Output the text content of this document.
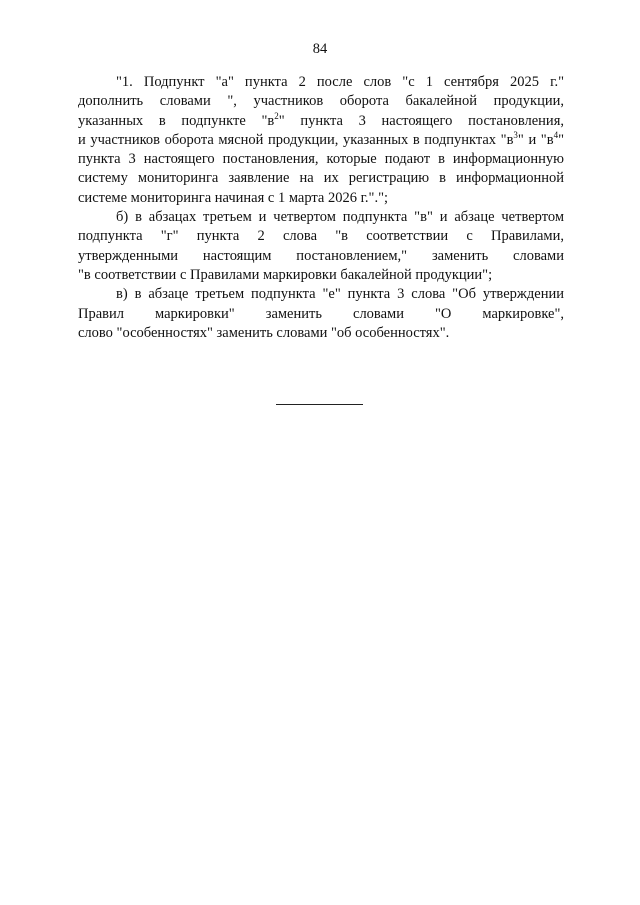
84
"1. Подпункт "а" пункта 2 после слов "с 1 сентября 2025 г."
дополнить словами ", участников оборота бакалейной продукции,
указанных в подпункте "$в^2$" пункта 3 настоящего постановления,
и участников оборота мясной продукции, указанных в подпунктах "$в^3$" и "$в^4$"
пункта 3 настоящего постановления, которые подают в информационную
систему мониторинга заявление на их регистрацию в информационной
системе мониторинга начиная с 1 марта 2026 г.".";
б) в абзацах третьем и четвертом подпункта "в" и абзаце четвертом
подпункта "г" пункта 2 слова "в соответствии с Правилами,
утвержденными настоящим постановлением," заменить словами
"в соответствии с Правилами маркировки бакалейной продукции";
в) в абзаце третьем подпункта "е" пункта 3 слова "Об утверждении
Правил маркировки" заменить словами "О маркировке",
слово "особенностях" заменить словами "об особенностях".
